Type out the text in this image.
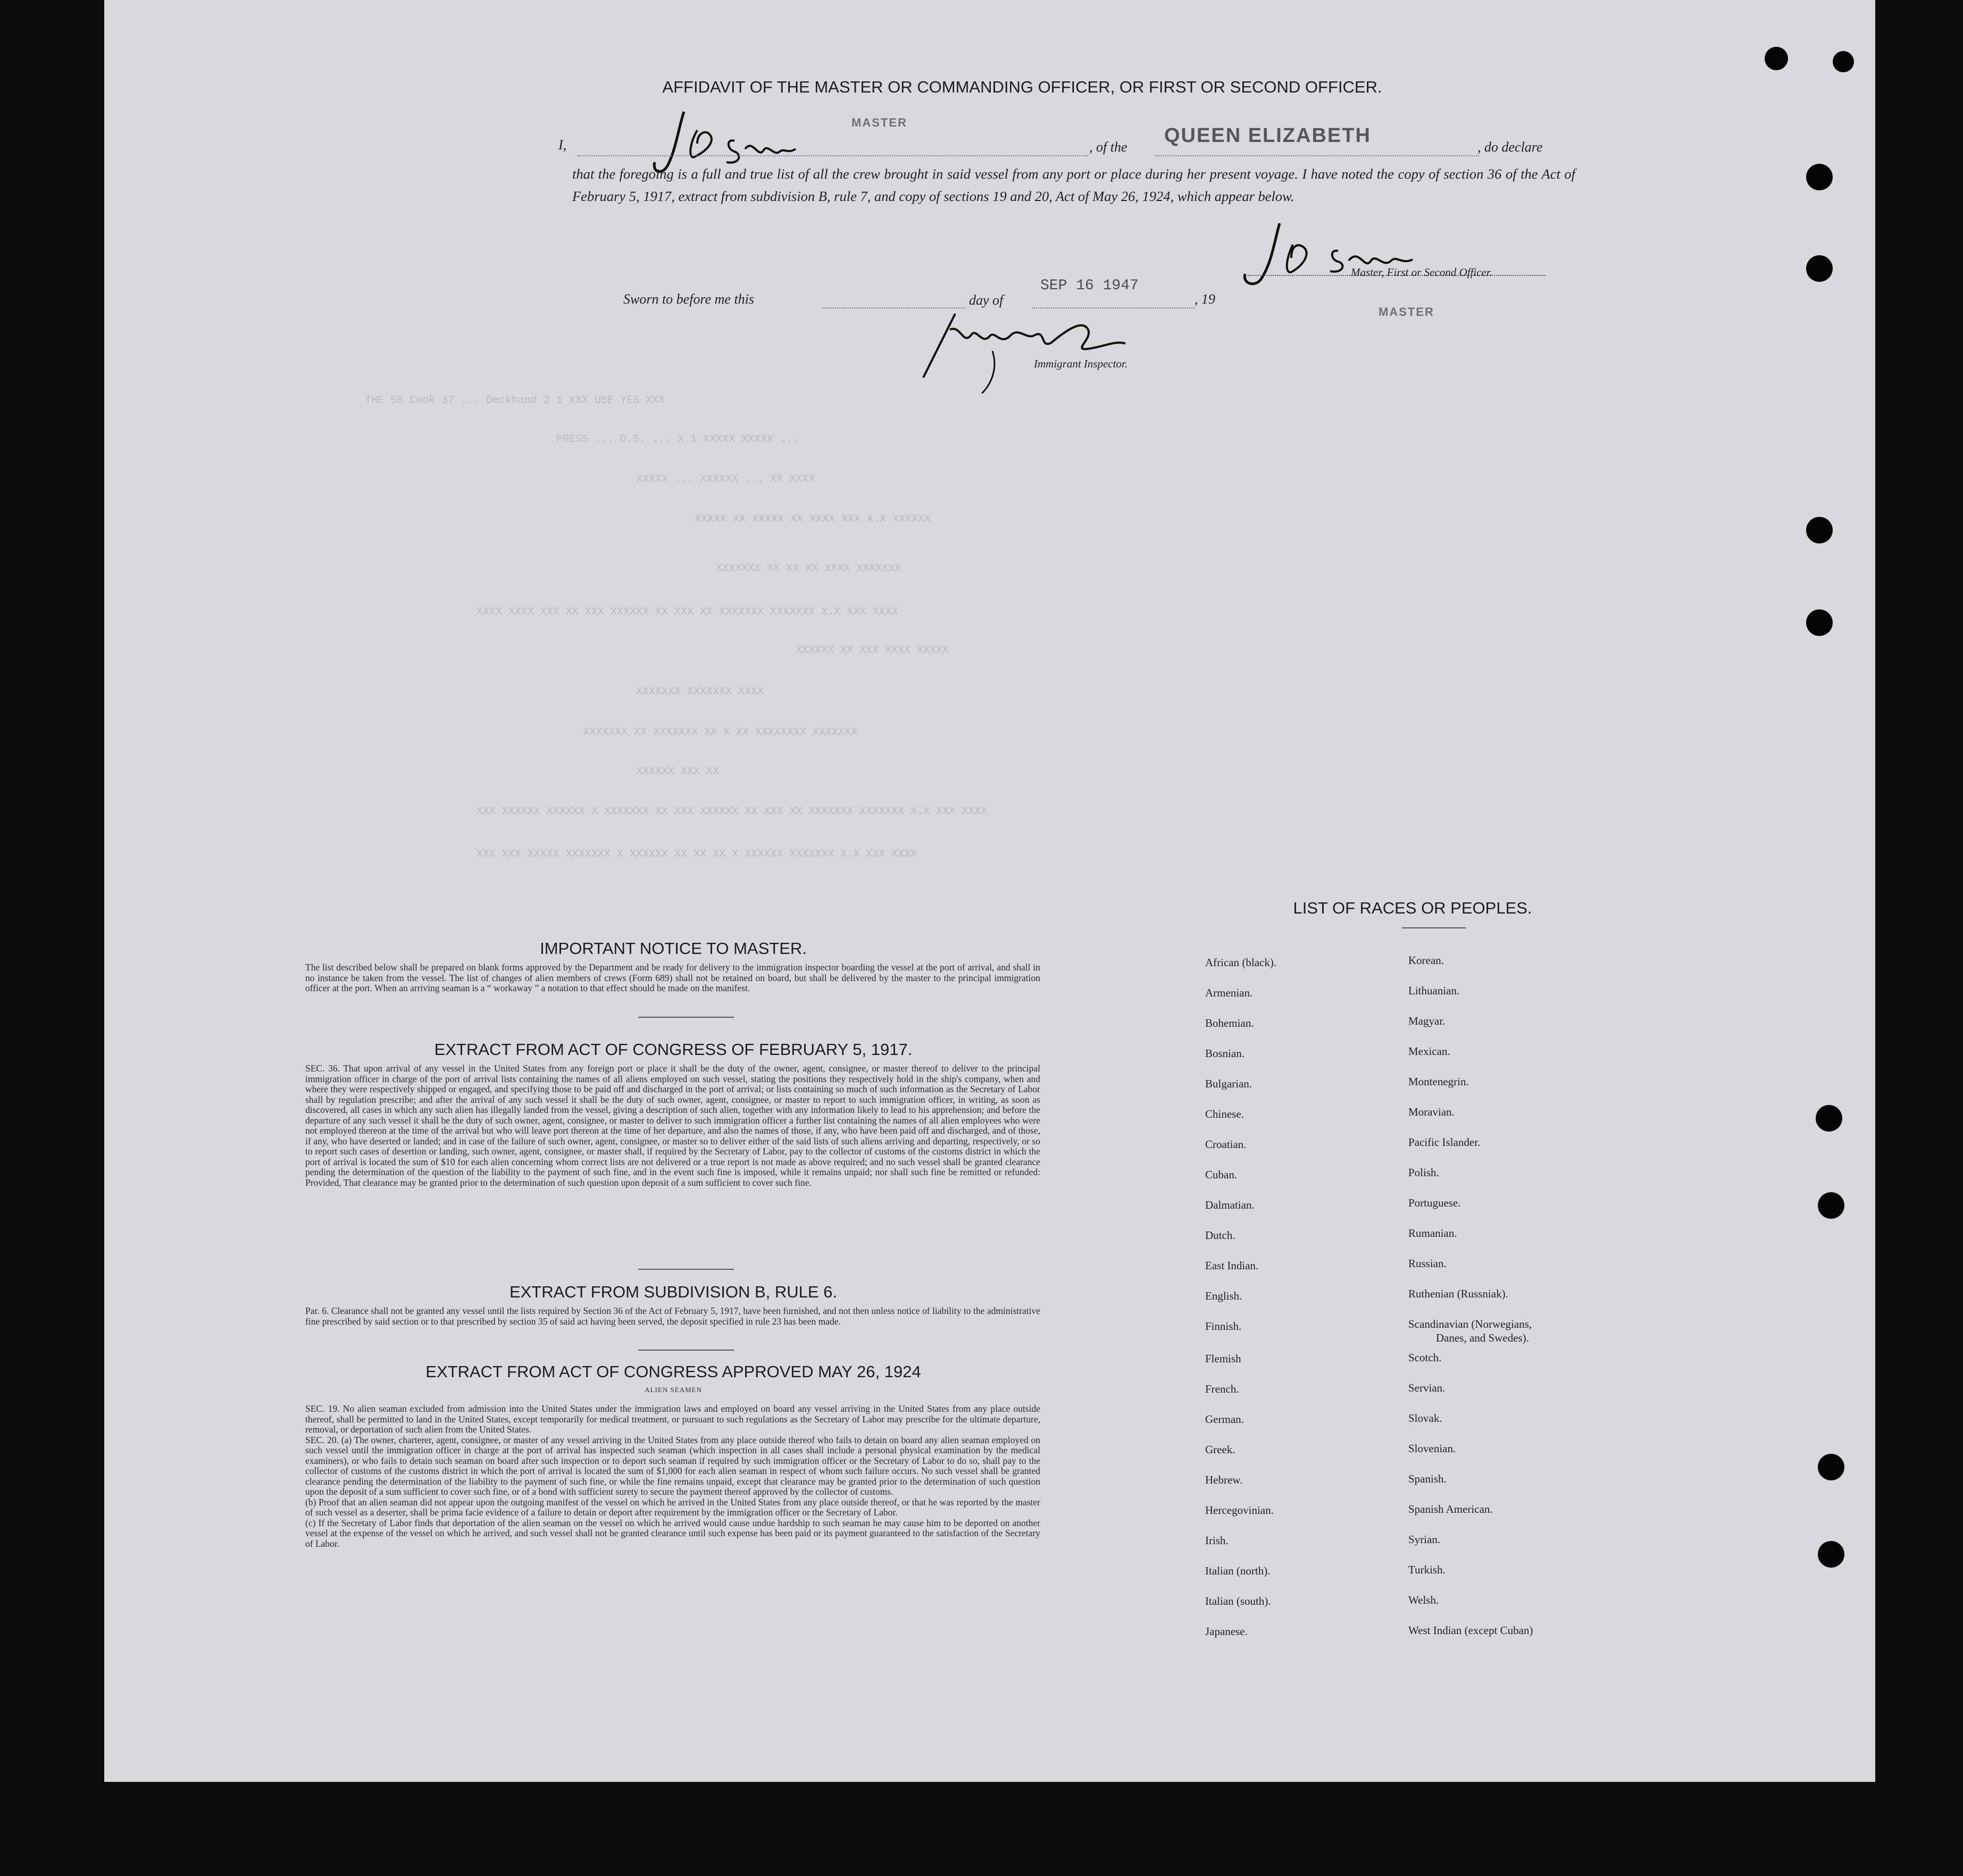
THE 56 Cook 37 ... Deckhand 2 1 XXX USE YES XXX
PRESS ... D.S. ... X 1 XXXXX XXXXX ...
XXXXX ... XXXXXX ... XX XXXX
XXXXX XX XXXXX XX XXXX XXX X.X XXXXXX
XXXXXXX XX XX XX XXXX XXXXXXX
XXXX XXXX XXX XX XXX XXXXXX XX XXX XX XXXXXXX XXXXXXX X.X XXX XXXX
XXXXXX XX XXX XXXX XXXXX
XXXXXXX XXXXXXX XXXX
XXXXXXX XX XXXXXXX XX X XX XXXXXXXX XXXXXXX
XXXXXX XXX XX
XXX XXXXXX XXXXXX X XXXXXXX XX XXX XXXXXX XX XXX XX XXXXXXX XXXXXXX X.X XXX XXXX
XXX XXX XXXXX XXXXXXX X XXXXXX XX XX XX X XXXXXX XXXXXXX X.X XXX XXXX
AFFIDAVIT OF THE MASTER OR COMMANDING OFFICER, OR FIRST OR SECOND OFFICER.
I,
MASTER
, of the
QUEEN ELIZABETH
, do declare
that the foregoing is a full and true list of all the crew brought in said vessel from any port or place during her present voyage. I have noted the copy of section 36 of the Act of February 5, 1917, extract from subdivision B, rule 7, and copy of sections 19 and 20, Act of May 26, 1924, which appear below.
Master, First or Second Officer.
MASTER
Sworn to before me this	day of
SEP 16 1947
, 19
Immigrant Inspector.
IMPORTANT NOTICE TO MASTER.
The list described below shall be prepared on blank forms approved by the Department and be ready for delivery to the immigration inspector boarding the vessel at the port of arrival, and shall in no instance be taken from the vessel. The list of changes of alien members of crews (Form 689) shall not be retained on board, but shall be delivered by the master to the principal immigration officer at the port. When an arriving seaman is a “ workaway ” a notation to that effect should be made on the manifest.
EXTRACT FROM ACT OF CONGRESS OF FEBRUARY 5, 1917.
SEC. 36. That upon arrival of any vessel in the United States from any foreign port or place it shall be the duty of the owner, agent, consignee, or master thereof to deliver to the principal immigration officer in charge of the port of arrival lists containing the names of all aliens employed on such vessel, stating the positions they respectively hold in the ship's company, when and where they were respectively shipped or engaged, and specifying those to be paid off and discharged in the port of arrival; or lists containing so much of such information as the Secretary of Labor shall by regulation prescribe; and after the arrival of any such vessel it shall be the duty of such owner, agent, consignee, or master to report to such immigration officer, in writing, as soon as discovered, all cases in which any such alien has illegally landed from the vessel, giving a description of such alien, together with any information likely to lead to his apprehension; and before the departure of any such vessel it shall be the duty of such owner, agent, consignee, or master to deliver to such immigration officer a further list containing the names of all alien employees who were not employed thereon at the time of the arrival but who will leave port thereon at the time of her departure, and also the names of those, if any, who have been paid off and discharged, and of those, if any, who have deserted or landed; and in case of the failure of such owner, agent, consignee, or master so to deliver either of the said lists of such aliens arriving and departing, respectively, or so to report such cases of desertion or landing, such owner, agent, consignee, or master shall, if required by the Secretary of Labor, pay to the collector of customs of the customs district in which the port of arrival is located the sum of $10 for each alien concerning whom correct lists are not delivered or a true report is not made as above required; and no such vessel shall be granted clearance pending the determination of the question of the liability to the payment of such fine, and in the event such fine is imposed, while it remains unpaid; nor shall such fine be remitted or refunded: Provided, That clearance may be granted prior to the determination of such question upon deposit of a sum sufficient to cover such fine.
EXTRACT FROM SUBDIVISION B, RULE 6.
Par. 6. Clearance shall not be granted any vessel until the lists required by Section 36 of the Act of February 5, 1917, have been furnished, and not then unless notice of liability to the administrative fine prescribed by said section or to that prescribed by section 35 of said act having been served, the deposit specified in rule 23 has been made.
EXTRACT FROM ACT OF CONGRESS APPROVED MAY 26, 1924
ALIEN SEAMEN
SEC. 19. No alien seaman excluded from admission into the United States under the immigration laws and employed on board any vessel arriving in the United States from any place outside thereof, shall be permitted to land in the United States, except temporarily for medical treatment, or pursuant to such regulations as the Secretary of Labor may prescribe for the ultimate departure, removal, or deportation of such alien from the United States.
SEC. 20. (a) The owner, charterer, agent, consignee, or master of any vessel arriving in the United States from any place outside thereof who fails to detain on board any alien seaman employed on such vessel until the immigration officer in charge at the port of arrival has inspected such seaman (which inspection in all cases shall include a personal physical examination by the medical examiners), or who fails to detain such seaman on board after such inspection or to deport such seaman if required by such immigration officer or the Secretary of Labor to do so, shall pay to the collector of customs of the customs district in which the port of arrival is located the sum of $1,000 for each alien seaman in respect of whom such failure occurs. No such vessel shall be granted clearance pending the determination of the liability to the payment of such fine, or while the fine remains unpaid, except that clearance may be granted prior to the determination of such question upon the deposit of a sum sufficient to cover such fine, or of a bond with sufficient surety to secure the payment thereof approved by the collector of customs.
(b) Proof that an alien seaman did not appear upon the outgoing manifest of the vessel on which he arrived in the United States from any place outside thereof, or that he was reported by the master of such vessel as a deserter, shall be prima facie evidence of a failure to detain or deport after requirement by the immigration officer or the Secretary of Labor.
(c) If the Secretary of Labor finds that deportation of the alien seaman on the vessel on which he arrived would cause undue hardship to such seaman he may cause him to be deported on another vessel at the expense of the vessel on which he arrived, and such vessel shall not be granted clearance until such expense has been paid or its payment guaranteed to the satisfaction of the Secretary of Labor.
LIST OF RACES OR PEOPLES.
African (black).
Armenian.
Bohemian.
Bosnian.
Bulgarian.
Chinese.
Croatian.
Cuban.
Dalmatian.
Dutch.
East Indian.
English.
Finnish.
Flemish
French.
German.
Greek.
Hebrew.
Hercegovinian.
Irish.
Italian (north).
Italian (south).
Japanese.
Korean.
Lithuanian.
Magyar.
Mexican.
Montenegrin.
Moravian.
Pacific Islander.
Polish.
Portuguese.
Rumanian.
Russian.
Ruthenian (Russniak).
Scandinavian (Norwegians,
Danes, and Swedes).
Scotch.
Servian.
Slovak.
Slovenian.
Spanish.
Spanish American.
Syrian.
Turkish.
Welsh.
West Indian (except Cuban)
